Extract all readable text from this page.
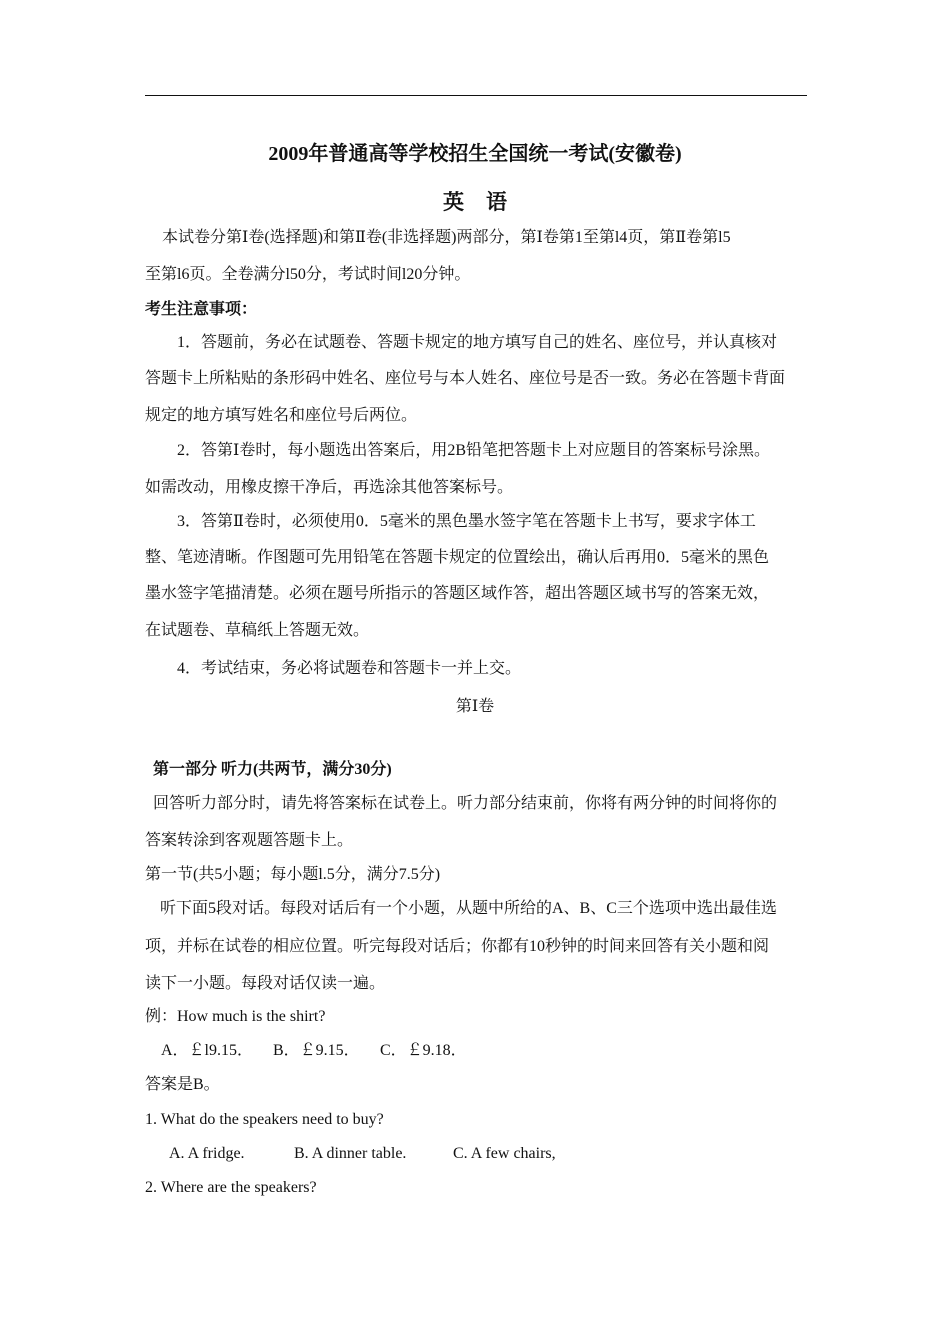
2009年普通高等学校招生全国统一考试(安徽卷)
英语
本试卷分第Ⅰ卷(选择题)和第Ⅱ卷(非选择题)两部分，第Ⅰ卷第1至第l4页，第Ⅱ卷第l5
至第l6页。全卷满分l50分，考试时间l20分钟。
考生注意事项：
1．答题前，务必在试题卷、答题卡规定的地方填写自己的姓名、座位号，并认真核对
答题卡上所粘贴的条形码中姓名、座位号与本人姓名、座位号是否一致。务必在答题卡背面
规定的地方填写姓名和座位号后两位。
2．答第Ⅰ卷时，每小题选出答案后，用2B铅笔把答题卡上对应题目的答案标号涂黑。
如需改动，用橡皮擦干净后，再选涂其他答案标号。
3．答第Ⅱ卷时，必须使用0．5毫米的黑色墨水签字笔在答题卡上书写，要求字体工
整、笔迹清晰。作图题可先用铅笔在答题卡规定的位置绘出，确认后再用0．5毫米的黑色
墨水签字笔描清楚。必须在题号所指示的答题区域作答，超出答题区域书写的答案无效，
在试题卷、草稿纸上答题无效。
4．考试结束，务必将试题卷和答题卡一并上交。
第Ⅰ卷
第一部分 听力(共两节，满分30分)
回答听力部分时，请先将答案标在试卷上。听力部分结束前，你将有两分钟的时间将你的
答案转涂到客观题答题卡上。
第一节(共5小题；每小题l.5分，满分7.5分)
听下面5段对话。每段对话后有一个小题，从题中所给的A、B、C三个选项中选出最佳选
项，并标在试卷的相应位置。听完每段对话后；你都有10秒钟的时间来回答有关小题和阅
读下一小题。每段对话仅读一遍。
例：How much is the shirt?
A．￡l9.15． B．￡9.15． C．￡9.18．
答案是B。
1. What do the speakers need to buy?
A. A fridge.	B. A dinner table.	C. A few chairs,
2. Where are the speakers?
